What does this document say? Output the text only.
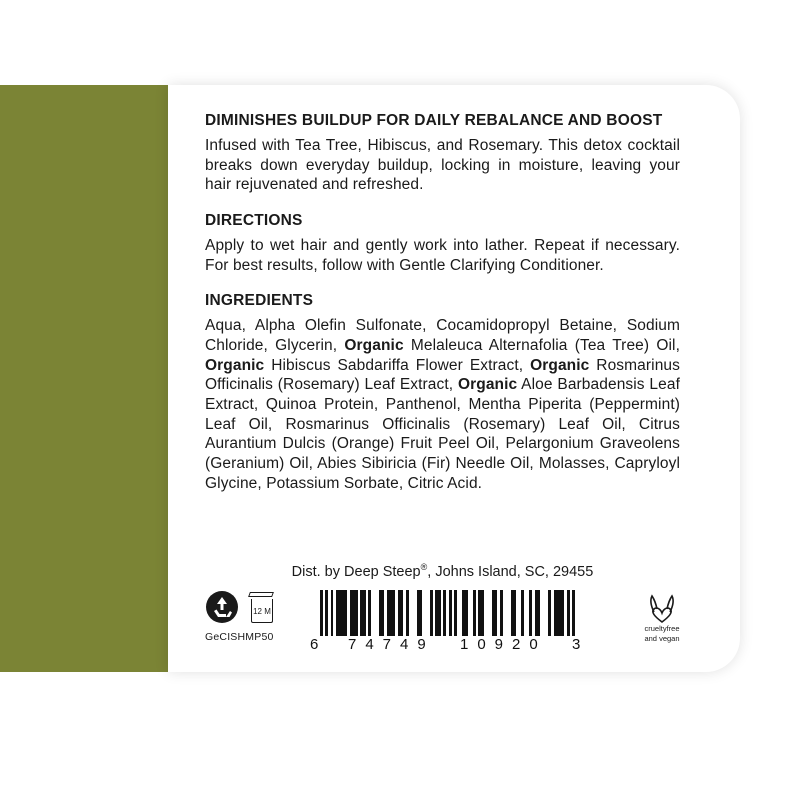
DIMINISHES BUILDUP FOR DAILY REBALANCE AND BOOST

Infused with Tea Tree, Hibiscus, and Rosemary. This detox cocktail breaks down everyday buildup, locking in moisture, leaving your hair rejuvenated and refreshed.

DIRECTIONS

Apply to wet hair and gently work into lather. Repeat if necessary. For best results, follow with Gentle Clarifying Conditioner.

INGREDIENTS

Aqua, Alpha Olefin Sulfonate, Cocamidopropyl Betaine, Sodium Chloride, Glycerin, Organic Melaleuca Alternafolia (Tea Tree) Oil, Organic Hibiscus Sabdariffa Flower Extract, Organic Rosmarinus Officinalis (Rosemary) Leaf Extract, Organic Aloe Barbadensis Leaf Extract, Quinoa Protein, Panthenol, Mentha Piperita (Peppermint) Leaf Oil, Rosmarinus Officinalis (Rosemary) Leaf Oil, Citrus Aurantium Dulcis (Orange) Fruit Peel Oil, Pelargonium Graveolens (Geranium) Oil, Abies Sibiricia (Fir) Needle Oil, Molasses, Capryloyl Glycine, Potassium Sorbate, Citric Acid.

Dist. by Deep Steep®, Johns Island, SC, 29455
12 M
GeCISHMP50 6 74749 10920 3
crueltyfree
and vegan
